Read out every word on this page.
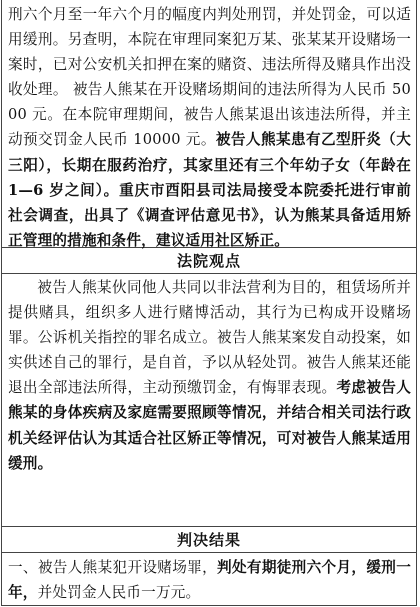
刑六个月至一年六个月的幅度内判处刑罚，并处罚金，可以适用缓刑。另查明，本院在审理同案犯万某、张某某开设赌场一案时，已对公安机关扣押在案的赌资、违法所得及赌具作出没收处理。 被告人熊某在开设赌场期间的违法所得为人民币 5000 元。在本院审理期间，被告人熊某退出该违法所得，并主动预交罚金人民币 10000 元。被告人熊某患有乙型肝炎（大三阳），长期在服药治疗，其家里还有三个年幼子女（年龄在 1—6 岁之间）。重庆市酉阳县司法局接受本院委托进行审前社会调查，出具了《调查评估意见书》，认为熊某具备适用矫正管理的措施和条件，建议适用社区矫正。

法院观点

被告人熊某伙同他人共同以非法营利为目的，租赁场所并提供赌具，组织多人进行赌博活动，其行为已构成开设赌场罪。公诉机关指控的罪名成立。被告人熊某案发自动投案，如实供述自己的罪行，是自首，予以从轻处罚。被告人熊某还能退出全部违法所得，主动预缴罚金，有悔罪表现。考虑被告人熊某的身体疾病及家庭需要照顾等情况，并结合相关司法行政机关经评估认为其适合社区矫正等情况，可对被告人熊某适用缓刑。

判决结果

一、被告人熊某犯开设赌场罪，判处有期徒刑六个月，缓刑一年，并处罚金人民币一万元。
